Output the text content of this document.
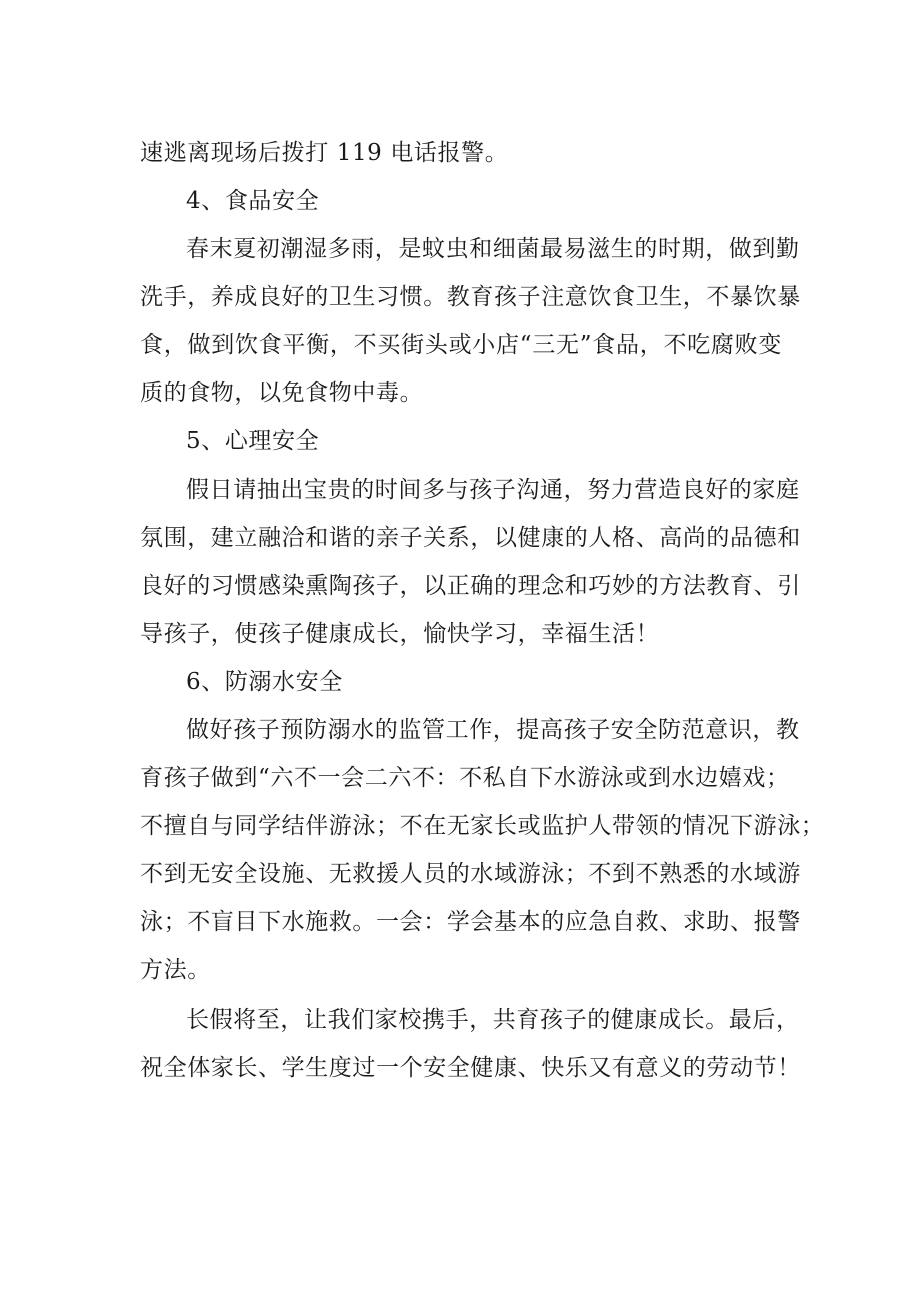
速逃离现场后拨打 119 电话报警。
4、食品安全
春末夏初潮湿多雨，是蚊虫和细菌最易滋生的时期，做到勤
洗手，养成良好的卫生习惯。教育孩子注意饮食卫生，不暴饮暴
食，做到饮食平衡，不买街头或小店“三无”食品，不吃腐败变
质的食物，以免食物中毒。
5、心理安全
假日请抽出宝贵的时间多与孩子沟通，努力营造良好的家庭
氛围，建立融洽和谐的亲子关系，以健康的人格、高尚的品德和
良好的习惯感染熏陶孩子，以正确的理念和巧妙的方法教育、引
导孩子，使孩子健康成长，愉快学习，幸福生活！
6、防溺水安全
做好孩子预防溺水的监管工作，提高孩子安全防范意识，教
育孩子做到“六不一会二六不：不私自下水游泳或到水边嬉戏；
不擅自与同学结伴游泳；不在无家长或监护人带领的情况下游泳；
不到无安全设施、无救援人员的水域游泳；不到不熟悉的水域游
泳；不盲目下水施救。一会：学会基本的应急自救、求助、报警
方法。
长假将至，让我们家校携手，共育孩子的健康成长。最后，
祝全体家长、学生度过一个安全健康、快乐又有意义的劳动节！
